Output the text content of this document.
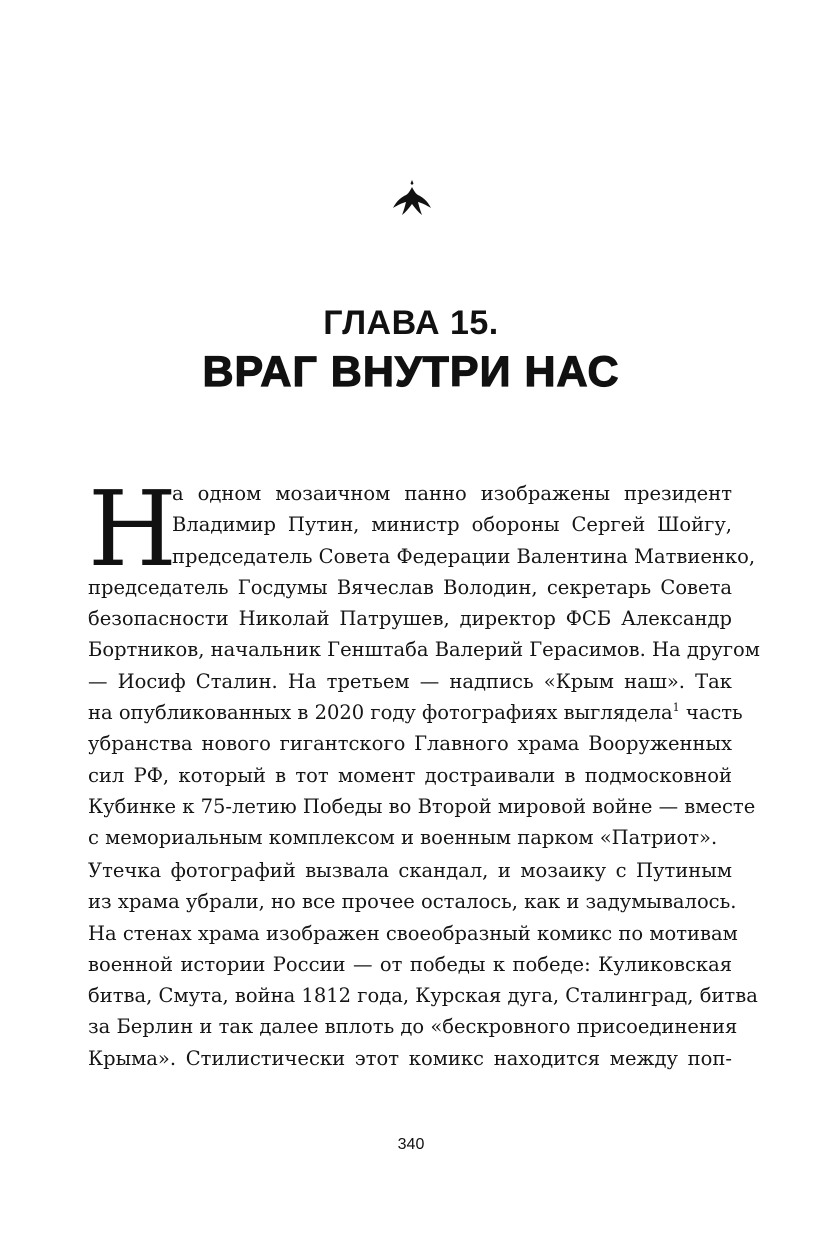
ГЛАВА 15.
ВРАГ ВНУТРИ НАС
Н
а одном мозаичном панно изображены президент
Владимир Путин, министр обороны Сергей Шойгу,
председатель Совета Федерации Валентина Матвиенко,
председатель Госдумы Вячеслав Володин, секретарь Совета
безопасности Николай Патрушев, директор ФСБ Александр
Бортников, начальник Генштаба Валерий Герасимов. На другом
— Иосиф Сталин. На третьем — надпись «Крым наш». Так
на опубликованных в 2020 году фотографиях выглядела$^1$ часть
убранства нового гигантского Главного храма Вооруженных
сил РФ, который в тот момент достраивали в подмосковной
Кубинке к 75-летию Победы во Второй мировой войне — вместе
с мемориальным комплексом и военным парком «Патриот».
Утечка фотографий вызвала скандал, и мозаику с Путиным
из храма убрали, но все прочее осталось, как и задумывалось.
На стенах храма изображен своеобразный комикс по мотивам
военной истории России — от победы к победе: Куликовская
битва, Смута, война 1812 года, Курская дуга, Сталинград, битва
за Берлин и так далее вплоть до «бескровного присоединения
Крыма». Стилистически этот комикс находится между поп-
340
